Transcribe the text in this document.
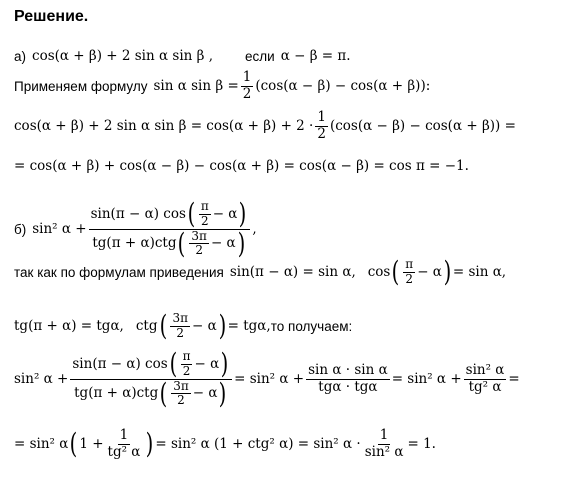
Решение.
а) cos(α + β) + 2 sin α sin β , если α − β = π.
Применяем формулу sin α $\sin \beta = \frac{1}{2} (\cos(\alpha - \beta) - \cos(\alpha + \beta))$:
cos(α + β) + 2 sin α $\sin \beta = \cos(\alpha + \beta) + 2 \cdot \frac{1}{2} (\cos(\alpha - \beta) - \cos(\alpha + \beta))$ =
= cos(α + β) + cos(α − β) − cos(α + β) = cos(α − β) = cos π = −1.
б) sin² $\alpha + \frac{\sin(\pi - \alpha) \cos ( \frac{\pi}{2} - \alpha )}{tg(\pi + \alpha)ctg ( \frac{3\pi}{2} - \alpha )}$ ,
так как по формулам приведения sin(π − α) = sin α, cos ( $\frac{\pi}{2} - \alpha$ ) = sin α,
tg(π + α) = tgα, ctg ( $\frac{3\pi}{2} - \alpha$ ) = tgα, то получаем:
sin² $\alpha + \frac{\sin(\pi - \alpha) \cos ( \frac{\pi}{2} - \alpha )}{tg(\pi + \alpha)ctg ( \frac{3\pi}{2} - \alpha )} = \sin^2$ $\alpha + \frac{\text{sin α · sin α}}{\text{tgα · tgα}} = \sin^2$ $\alpha + \frac{\text{sin² α}}{\text{tg² α}}$ =
= sin² α ( $1 + \frac{1}{\text{tg² α}}$ ) = sin² α (1 + ctg² α) = sin² $\alpha \cdot \frac{1}{\text{sin² α}} = 1$.
